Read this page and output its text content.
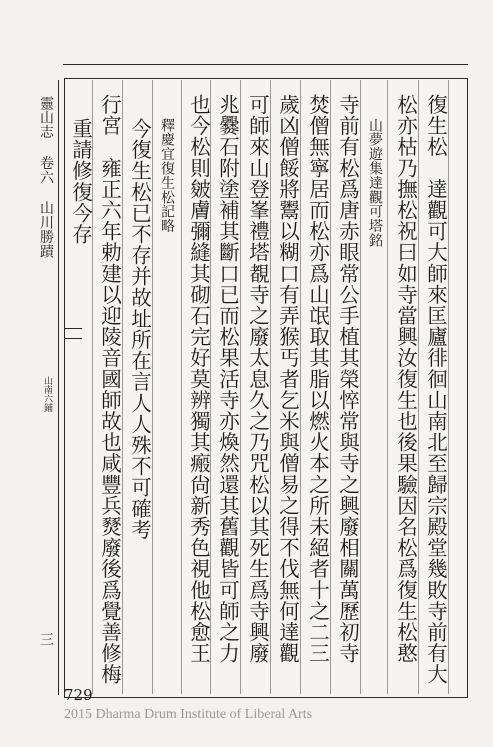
靈山志 卷六 山川勝蹟
山南六鋪
三	復生松　達觀可大師來匡廬徘徊山南北至歸宗殿堂幾敗寺前有大
松亦枯乃撫松祝曰如寺當興汝復生也後果驗因名松爲復生松憨
山夢遊集達觀可塔銘
寺前有松爲唐赤眼常公手植其榮悴常與寺之興廢相關萬歷初寺
焚僧無寧居而松亦爲山氓取其脂以燃火本之所未絕者十之二三
歲凶僧餒將鬻以糊口有弄猴丐者乞米與僧易之得不伐無何達觀
可師來山登峯禮塔覩寺之廢太息久之乃咒松以其死生爲寺興廢
兆爨石附塗補其斷口已而松果活寺亦煥然還其舊觀皆可師之力
也今松則皴膚彌縫其砌石完好莫辨獨其瘢尙新秀色視他松愈王
釋慶宜復生松記略
今復生松已不存并故址所在言人人殊不可確考
行宮　雍正六年勅建以迎陵音國師故也咸豐兵燹廢後爲覺善修梅
重請修復今存
729
2015 Dharma Drum Institute of Liberal Arts
